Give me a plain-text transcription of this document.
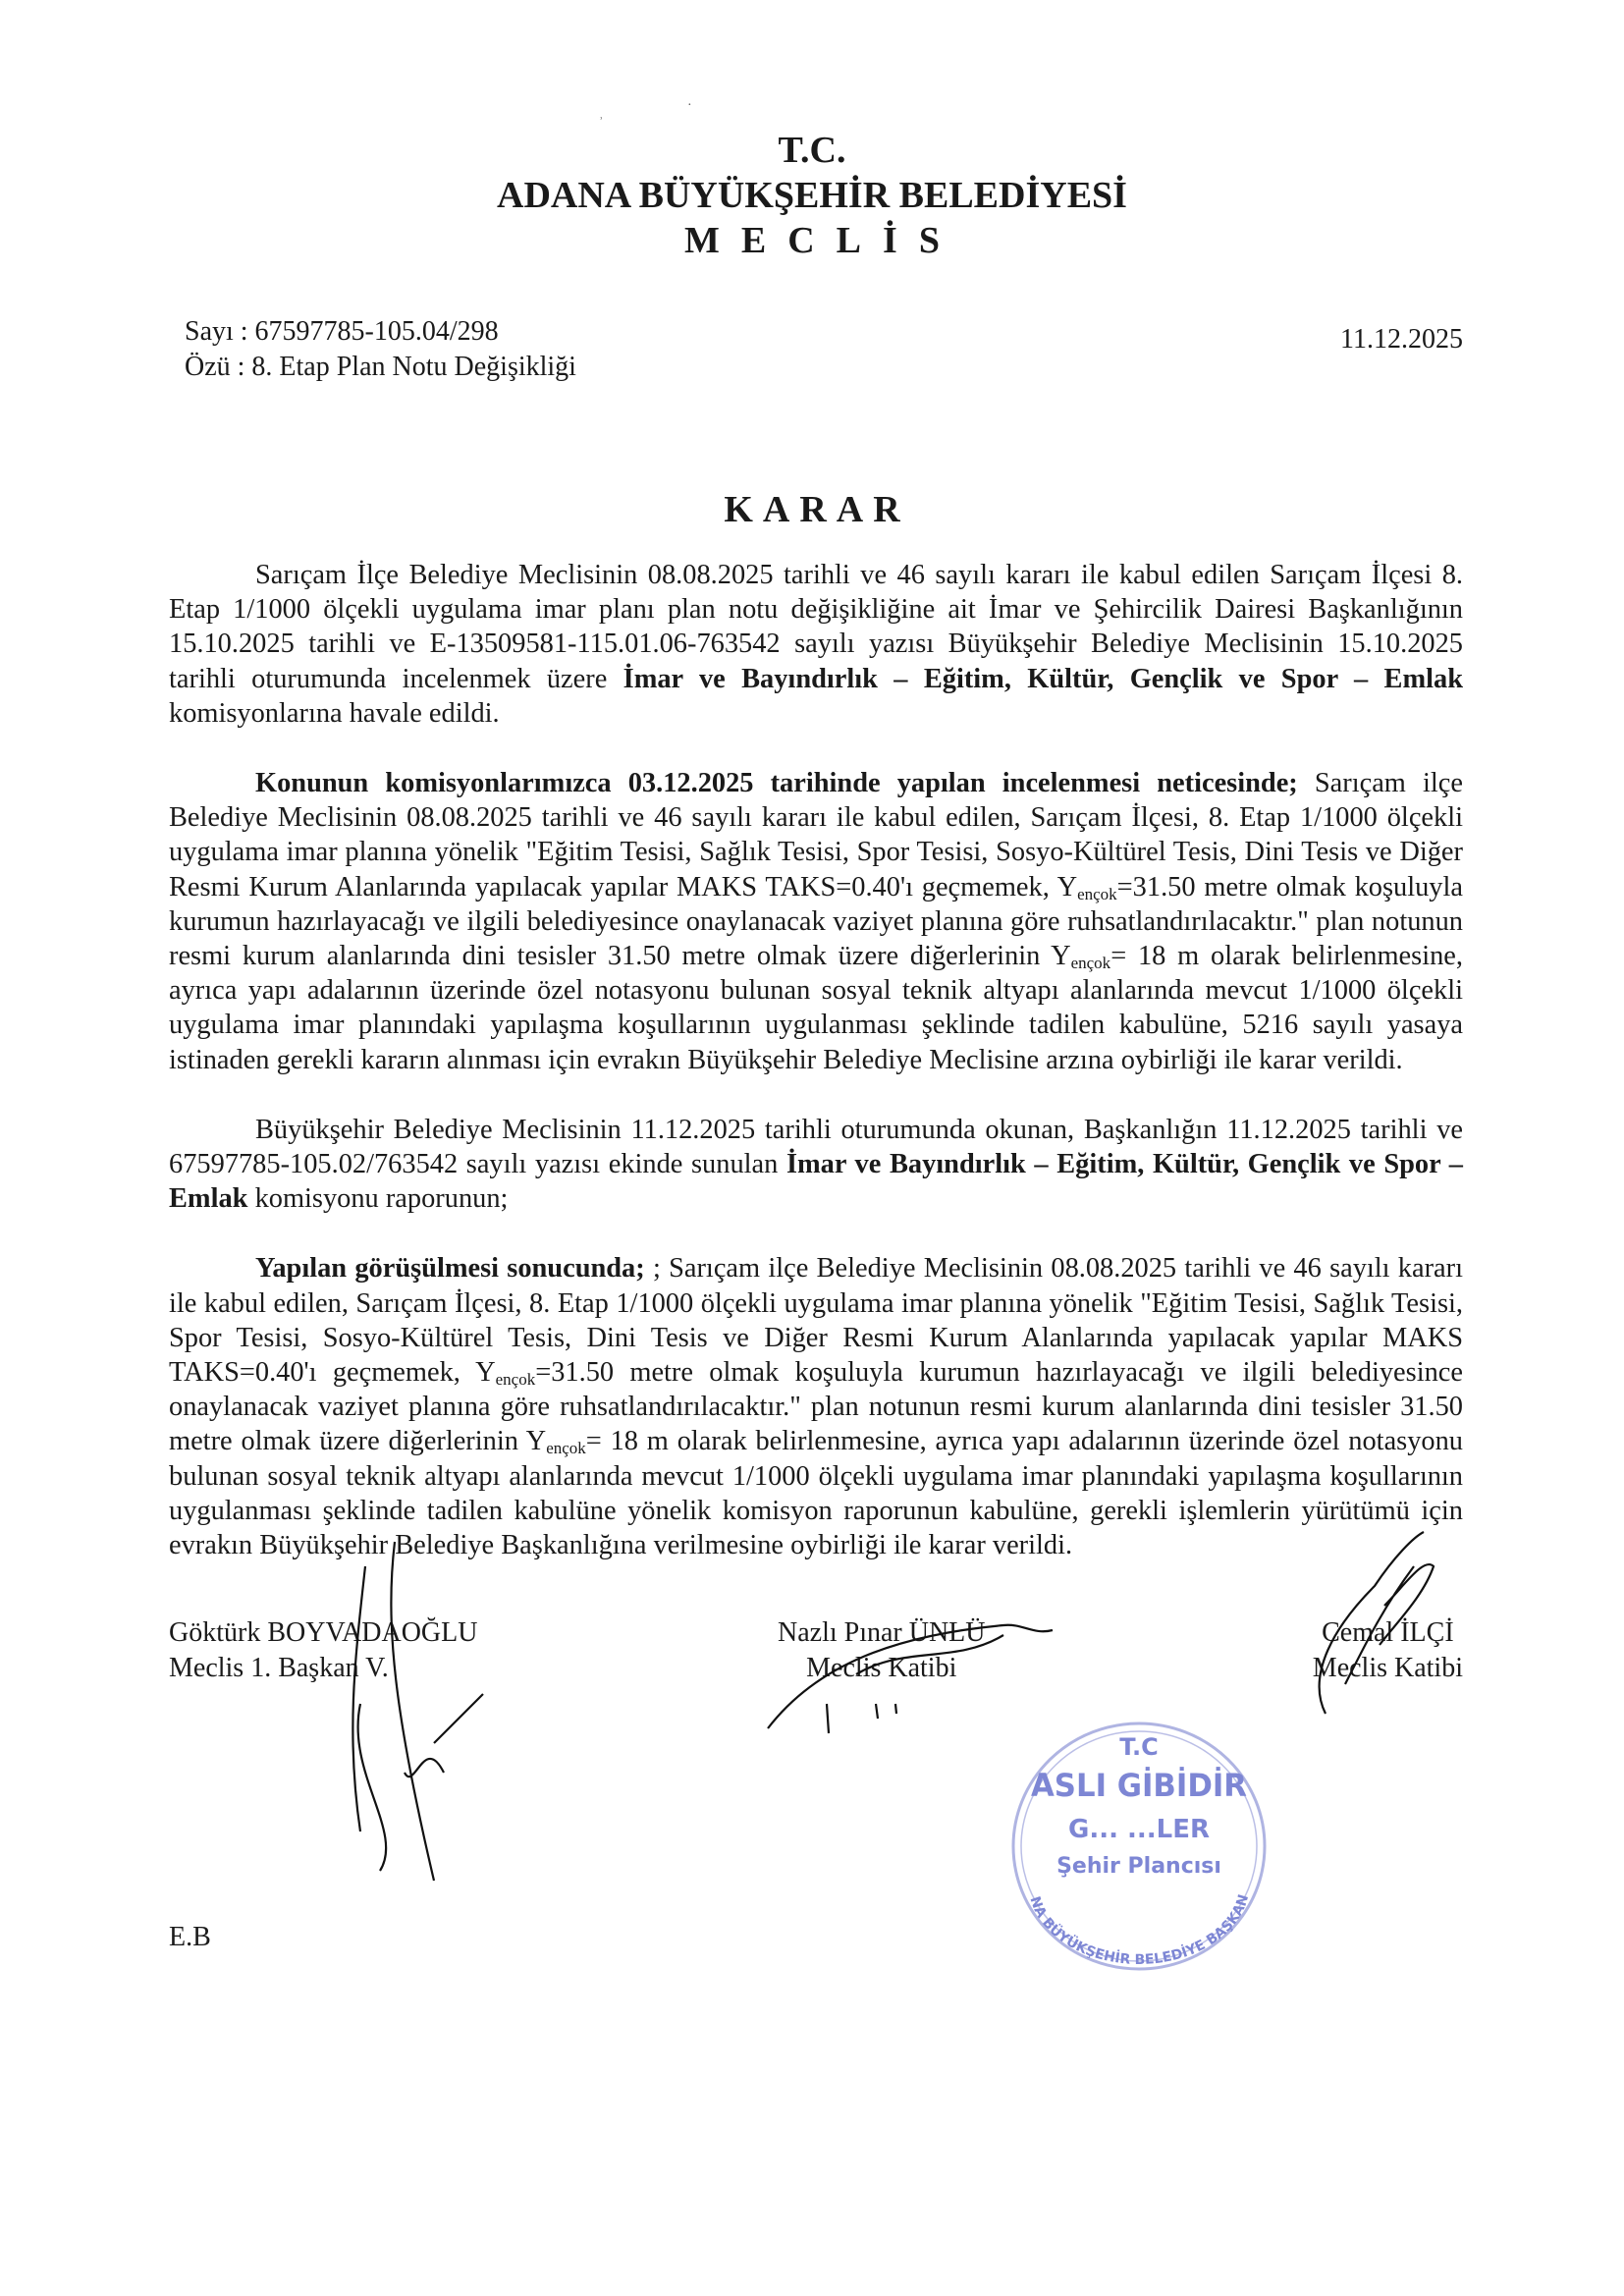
ʾ
·
T.C.
ADANA BÜYÜKŞEHİR BELEDİYESİ
MECLİS
Sayı : 67597785-105.04/298
Özü : 8. Etap Plan Notu Değişikliği
11.12.2025
KARAR
Sarıçam İlçe Belediye Meclisinin 08.08.2025 tarihli ve 46 sayılı kararı ile kabul edilen Sarıçam İlçesi 8. Etap 1/1000 ölçekli uygulama imar planı plan notu değişikliğine ait İmar ve Şehircilik Dairesi Başkanlığının 15.10.2025 tarihli ve E-13509581-115.01.06-763542 sayılı yazısı Büyükşehir Belediye Meclisinin 15.10.2025 tarihli oturumunda incelenmek üzere İmar ve Bayındırlık – Eğitim, Kültür, Gençlik ve Spor – Emlak komisyonlarına havale edildi.
Konunun komisyonlarımızca 03.12.2025 tarihinde yapılan incelenmesi neticesinde; Sarıçam ilçe Belediye Meclisinin 08.08.2025 tarihli ve 46 sayılı kararı ile kabul edilen, Sarıçam İlçesi, 8. Etap 1/1000 ölçekli uygulama imar planına yönelik "Eğitim Tesisi, Sağlık Tesisi, Spor Tesisi, Sosyo-Kültürel Tesis, Dini Tesis ve Diğer Resmi Kurum Alanlarında yapılacak yapılar MAKS TAKS=0.40'ı geçmemek, $Y_{ençok}=31.50$ metre olmak koşuluyla kurumun hazırlayacağı ve ilgili belediyesince onaylanacak vaziyet planına göre ruhsatlandırılacaktır." plan notunun resmi kurum alanlarında dini tesisler 31.50 metre olmak üzere diğerlerinin $Y_{ençok}= 18$ m olarak belirlenmesine, ayrıca yapı adalarının üzerinde özel notasyonu bulunan sosyal teknik altyapı alanlarında mevcut 1/1000 ölçekli uygulama imar planındaki yapılaşma koşullarının uygulanması şeklinde tadilen kabulüne, 5216 sayılı yasaya istinaden gerekli kararın alınması için evrakın Büyükşehir Belediye Meclisine arzına oybirliği ile karar verildi.
Büyükşehir Belediye Meclisinin 11.12.2025 tarihli oturumunda okunan, Başkanlığın 11.12.2025 tarihli ve 67597785-105.02/763542 sayılı yazısı ekinde sunulan İmar ve Bayındırlık – Eğitim, Kültür, Gençlik ve Spor – Emlak komisyonu raporunun;
Yapılan görüşülmesi sonucunda; ; Sarıçam ilçe Belediye Meclisinin 08.08.2025 tarihli ve 46 sayılı kararı ile kabul edilen, Sarıçam İlçesi, 8. Etap 1/1000 ölçekli uygulama imar planına yönelik "Eğitim Tesisi, Sağlık Tesisi, Spor Tesisi, Sosyo-Kültürel Tesis, Dini Tesis ve Diğer Resmi Kurum Alanlarında yapılacak yapılar MAKS TAKS=0.40'ı geçmemek, $Y_{ençok}=31.50$ metre olmak koşuluyla kurumun hazırlayacağı ve ilgili belediyesince onaylanacak vaziyet planına göre ruhsatlandırılacaktır." plan notunun resmi kurum alanlarında dini tesisler 31.50 metre olmak üzere diğerlerinin $Y_{ençok}= 18$ m olarak belirlenmesine, ayrıca yapı adalarının üzerinde özel notasyonu bulunan sosyal teknik altyapı alanlarında mevcut 1/1000 ölçekli uygulama imar planındaki yapılaşma koşullarının uygulanması şeklinde tadilen kabulüne yönelik komisyon raporunun kabulüne, gerekli işlemlerin yürütümü için evrakın Büyükşehir Belediye Başkanlığına verilmesine oybirliği ile karar verildi.
Göktürk BOYVADAOĞLU
Meclis 1. Başkan V.
Nazlı Pınar ÜNLÜ
Meclis Katibi
Cemal İLÇİ
Meclis Katibi
T.C
ASLI GİBİDİR
G... ...LER
Şehir Plancısı
NA BÜYÜKŞEHİR BELEDİYE BAŞKAN
E.B
